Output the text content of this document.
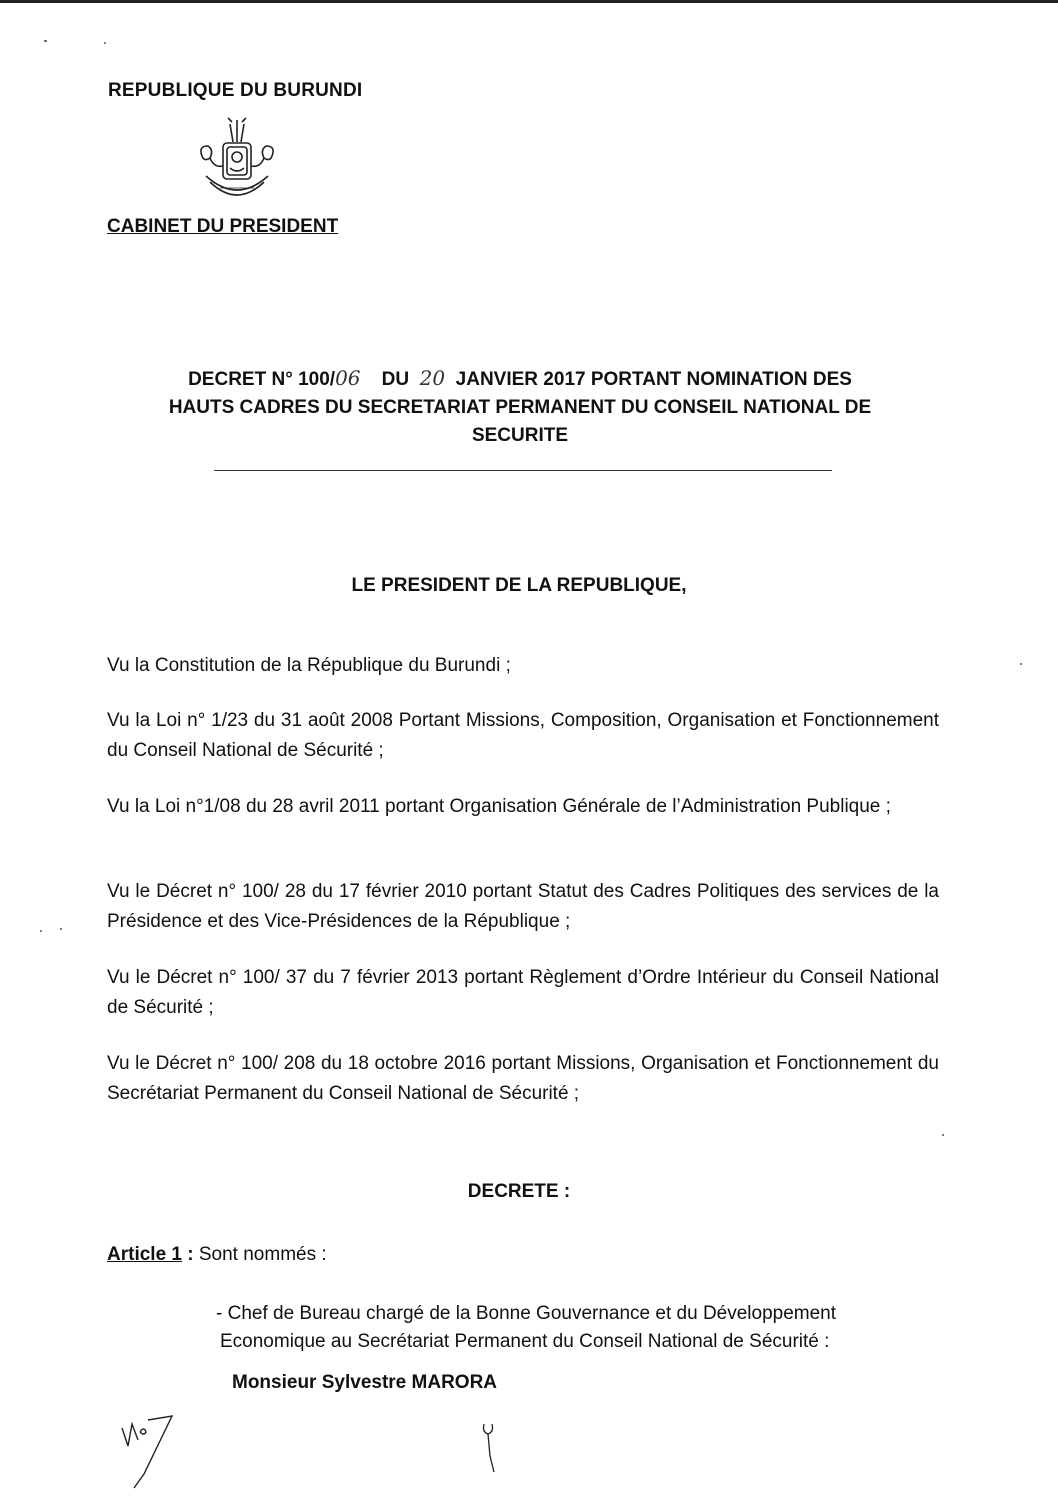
REPUBLIQUE DU BURUNDI
CABINET DU PRESIDENT
DECRET N° 100/06 DU 20 JANVIER 2017 PORTANT NOMINATION DES
HAUTS CADRES DU SECRETARIAT PERMANENT DU CONSEIL NATIONAL DE
SECURITE
LE PRESIDENT DE LA REPUBLIQUE,
Vu la Constitution de la République du Burundi ;
Vu la Loi n° 1/23 du 31 août 2008 Portant Missions, Composition, Organisation et Fonctionnement du Conseil National de Sécurité ;
Vu la Loi n°1/08 du 28 avril 2011 portant Organisation Générale de l’Administration Publique ;
Vu le Décret n° 100/ 28 du 17 février 2010 portant Statut des Cadres Politiques des services de la Présidence et des Vice-Présidences de la République ;
Vu le Décret n° 100/ 37 du 7 février 2013 portant Règlement d’Ordre Intérieur du Conseil National de Sécurité ;
Vu le Décret n° 100/ 208 du 18 octobre 2016 portant Missions, Organisation et Fonctionnement du Secrétariat Permanent du Conseil National de Sécurité ;
DECRETE :
Article 1 : Sont nommés :
- Chef de Bureau chargé de la Bonne Gouvernance et du Développement
Economique au Secrétariat Permanent du Conseil National de Sécurité :
Monsieur Sylvestre MARORA
